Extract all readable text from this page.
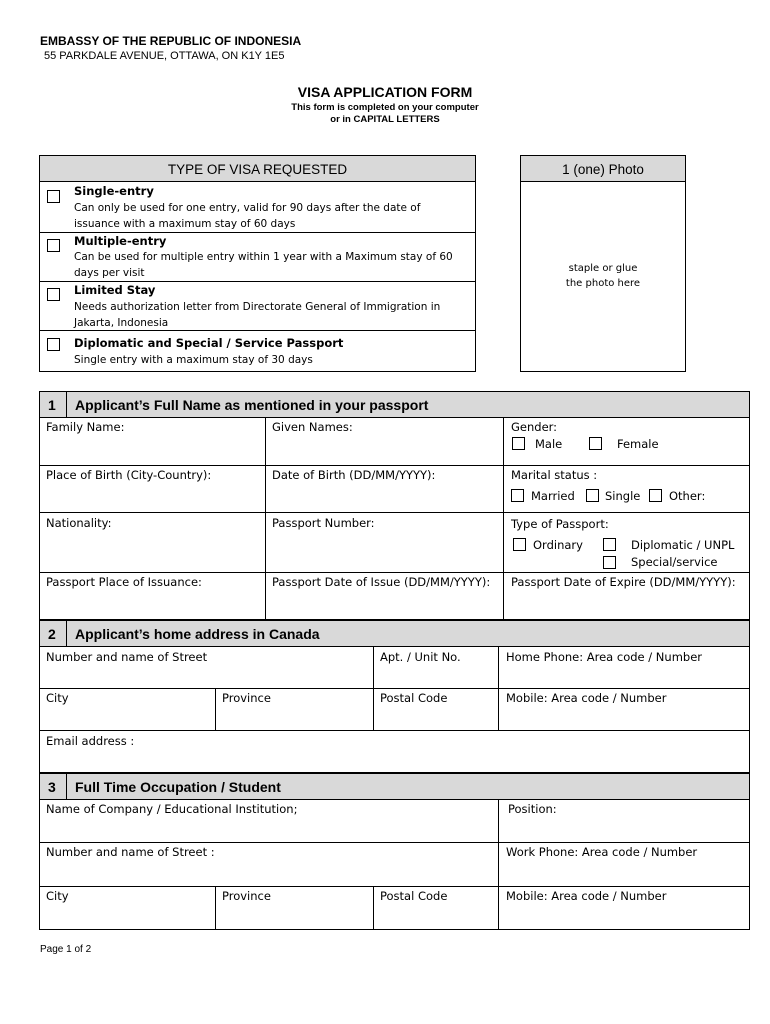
EMBASSY OF THE REPUBLIC OF INDONESIA
55 PARKDALE AVENUE, OTTAWA, ON K1Y 1E5
VISA APPLICATION FORM
This form is completed on your computer
or in CAPITAL LETTERS
$_{TYPE OF VISA REQUESTED}$
Single-entry
Can only be used for one entry, valid for 90 days after the date of issuance with a maximum stay of 60 days
Multiple-entry
Can be used for multiple entry within 1 year with a Maximum stay of 60 days per visit
Limited Stay
Needs authorization letter from Directorate General of Immigration in Jakarta, Indonesia
Diplomatic and Special / Service Passport
Single entry with a maximum stay of 30 days
$_{1 (one) Photo}$
staple or glue
the photo here
1 Applicant’s Full Name as mentioned in your passport
Family Name:	Given Names:	Gender:
Male	Female
Place of Birth (City-Country):	Date of Birth (DD/MM/YYYY):	Marital status :
Married	Single Other:
Nationality:	Passport Number:	Type of Passport:
Ordinary	Diplomatic / UNPL
Special/service
Passport Place of Issuance:	Passport Date of Issue (DD/MM/YYYY): Passport Date of Expire (DD/MM/YYYY):
2 Applicant’s home address in Canada
Number and name of Street	Apt. / Unit No.	Home Phone: Area code / Number
City	Province	Postal Code	Mobile: Area code / Number
Email address :
3 Full Time Occupation / Student
Name of Company / Educational Institution;	Position:
Number and name of Street :	Work Phone: Area code / Number
City	Province	Postal Code	Mobile: Area code / Number
Page 1 of 2
